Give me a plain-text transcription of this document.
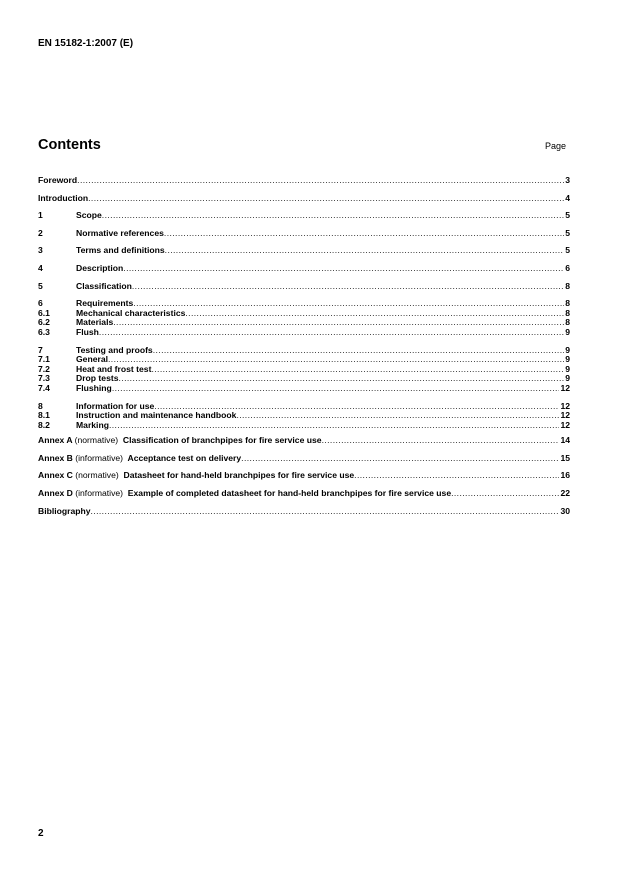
EN 15182-1:2007 (E)
Contents	Page
Foreword .....	3
Introduction .....	4
1	Scope .....	5
2	Normative references .....	5
3	Terms and definitions .....	5
4	Description .....	6
5	Classification .....	8
6	Requirements .....	8
6.1	Mechanical characteristics .....	8
6.2	Materials .....	8
6.3	Flush .....	9
7	Testing and proofs .....	9
7.1	General .....	9
7.2	Heat and frost test .....	9
7.3	Drop tests .....	9
7.4	Flushing .....	12
8	Information for use .....	12
8.1	Instruction and maintenance handbook .....	12
8.2	Marking .....	12
Annex A (normative) Classification of branchpipes for fire service use .....	14
Annex B (informative) Acceptance test on delivery .....	15
Annex C (normative) Datasheet for hand-held branchpipes for fire service use .....	16
Annex D (informative) Example of completed datasheet for hand-held branchpipes for fire service use .....	22
Bibliography .....	30
2
